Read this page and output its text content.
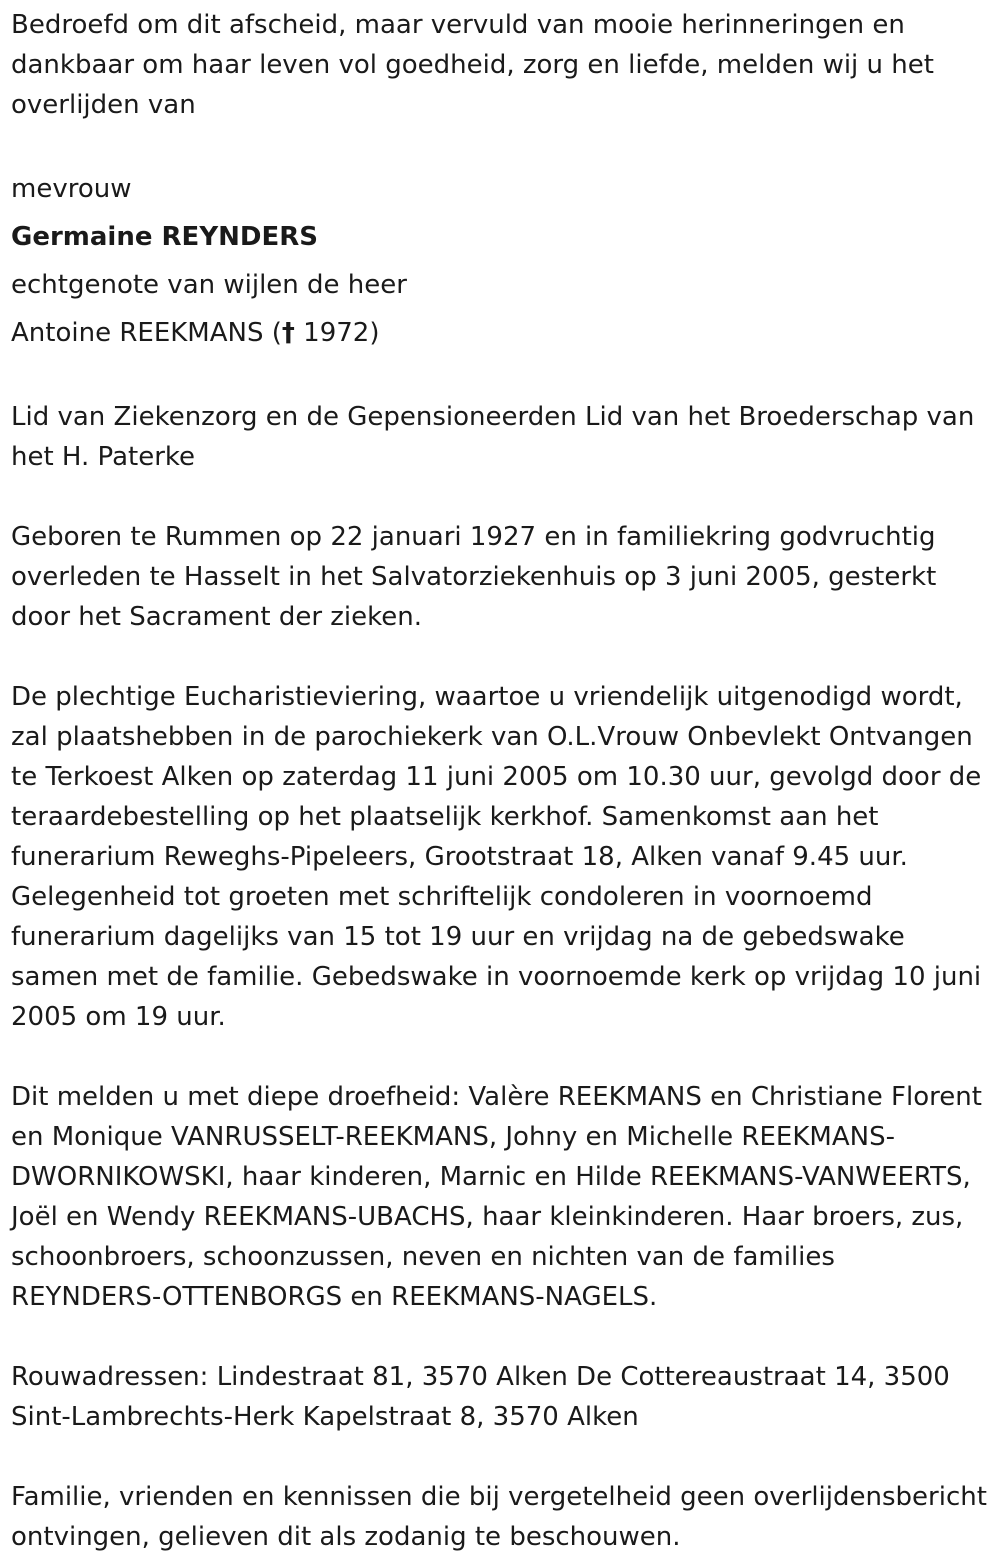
Bedroefd om dit afscheid, maar vervuld van mooie herinneringen en dankbaar om haar leven vol goedheid, zorg en liefde, melden wij u het overlijden van

mevrouw

Germaine REYNDERS

echtgenote van wijlen de heer

Antoine REEKMANS († 1972)

Lid van Ziekenzorg en de Gepensioneerden Lid van het Broederschap van het H. Paterke

Geboren te Rummen op 22 januari 1927 en in familiekring godvruchtig overleden te Hasselt in het Salvatorziekenhuis op 3 juni 2005, gesterkt door het Sacrament der zieken.

De plechtige Eucharistieviering, waartoe u vriendelijk uitgenodigd wordt, zal plaatshebben in de parochiekerk van O.L.Vrouw Onbevlekt Ontvangen te Terkoest Alken op zaterdag 11 juni 2005 om 10.30 uur, gevolgd door de teraardebestelling op het plaatselijk kerkhof. Samenkomst aan het funerarium Reweghs-Pipeleers, Grootstraat 18, Alken vanaf 9.45 uur. Gelegenheid tot groeten met schriftelijk condoleren in voornoemd funerarium dagelijks van 15 tot 19 uur en vrijdag na de gebedswake samen met de familie. Gebedswake in voornoemde kerk op vrijdag 10 juni 2005 om 19 uur.

Dit melden u met diepe droefheid: Valère REEKMANS en Christiane Florent en Monique VANRUSSELT-REEKMANS, Johny en Michelle REEKMANS-DWORNIKOWSKI, haar kinderen, Marnic en Hilde REEKMANS-VANWEERTS, Joël en Wendy REEKMANS-UBACHS, haar kleinkinderen. Haar broers, zus, schoonbroers, schoonzussen, neven en nichten van de families REYNDERS-OTTENBORGS en REEKMANS-NAGELS.

Rouwadressen: Lindestraat 81, 3570 Alken De Cottereaustraat 14, 3500 Sint-Lambrechts-Herk Kapelstraat 8, 3570 Alken

Familie, vrienden en kennissen die bij vergetelheid geen overlijdensbericht ontvingen, gelieven dit als zodanig te beschouwen.
